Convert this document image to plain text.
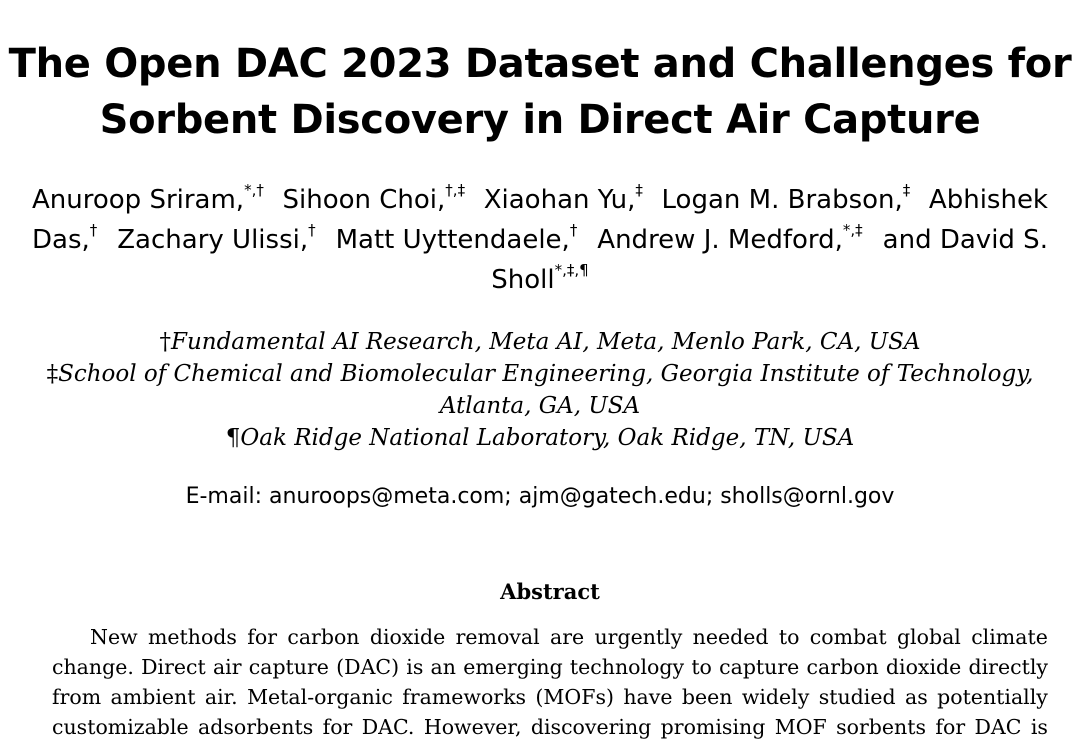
The Open DAC 2023 Dataset and Challenges for
Sorbent Discovery in Direct Air Capture
Anuroop Sriram,*,† Sihoon Choi,†,‡ Xiaohan Yu,‡ Logan M. Brabson,‡ Abhishek
Das,† Zachary Ulissi,† Matt Uyttendaele,† Andrew J. Medford,*,‡ and David S.
Sholl*,‡,¶
†Fundamental AI Research, Meta AI, Meta, Menlo Park, CA, USA
‡School of Chemical and Biomolecular Engineering, Georgia Institute of Technology,
Atlanta, GA, USA
¶Oak Ridge National Laboratory, Oak Ridge, TN, USA
E-mail: anuroops@meta.com; ajm@gatech.edu; sholls@ornl.gov
Abstract
New methods for carbon dioxide removal are urgently needed to combat global climate
change. Direct air capture (DAC) is an emerging technology to capture carbon dioxide directly
from ambient air. Metal-organic frameworks (MOFs) have been widely studied as potentially
customizable adsorbents for DAC. However, discovering promising MOF sorbents for DAC is
